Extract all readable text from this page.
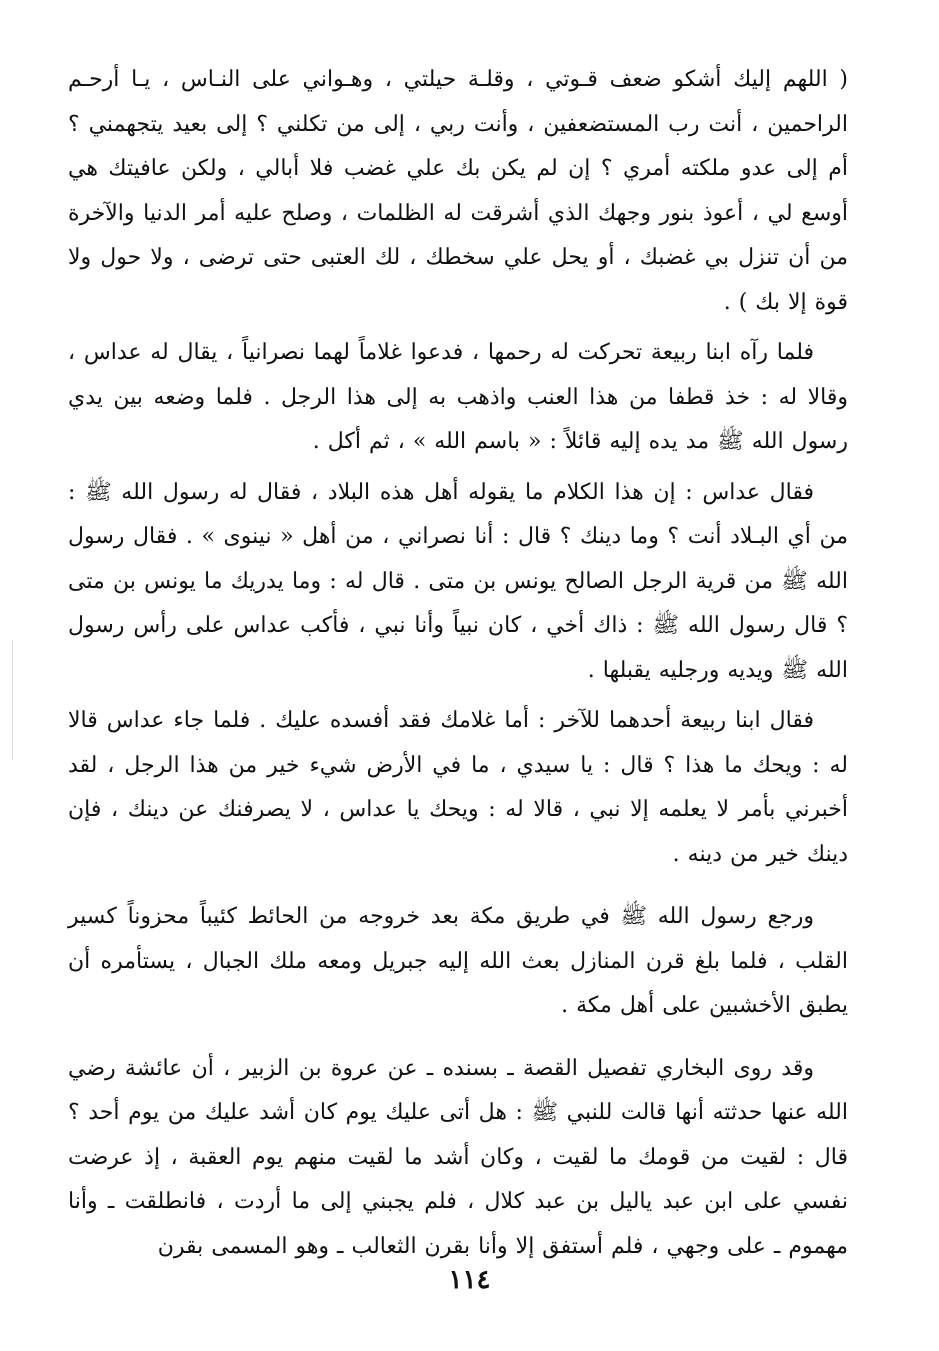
( اللهم إليك أشكو ضعف قـوتي ، وقلـة حيلتي ، وهـواني على النـاس ، يـا أرحـم الراحمين ، أنت رب المستضعفين ، وأنت ربي ، إلى من تكلني ؟ إلى بعيد يتجهمني ؟ أم إلى عدو ملكته أمري ؟ إن لم يكن بك علي غضب فلا أبالي ، ولكن عافيتك هي أوسع لي ، أعوذ بنور وجهك الذي أشرقت له الظلمات ، وصلح عليه أمر الدنيا والآخرة من أن تنزل بي غضبك ، أو يحل علي سخطك ، لك العتبى حتى ترضى ، ولا حول ولا قوة إلا بك ) .

فلما رآه ابنا ربيعة تحركت له رحمها ، فدعوا غلاماً لهما نصرانياً ، يقال له عداس ، وقالا له : خذ قطفا من هذا العنب واذهب به إلى هذا الرجل . فلما وضعه بين يدي رسول الله ﷺ مد يده إليه قائلاً : « باسم الله » ، ثم أكل .

فقال عداس : إن هذا الكلام ما يقوله أهل هذه البلاد ، فقال له رسول الله ﷺ : من أي البـلاد أنت ؟ وما دينك ؟ قال : أنا نصراني ، من أهل « نينوى » . فقال رسول الله ﷺ من قرية الرجل الصالح يونس بن متى . قال له : وما يدريك ما يونس بن متى ؟ قال رسول الله ﷺ : ذاك أخي ، كان نبياً وأنا نبي ، فأكب عداس على رأس رسول الله ﷺ ويديه ورجليه يقبلها .

فقال ابنا ربيعة أحدهما للآخر : أما غلامك فقد أفسده عليك . فلما جاء عداس قالا له : ويحك ما هذا ؟ قال : يا سيدي ، ما في الأرض شيء خير من هذا الرجل ، لقد أخبرني بأمر لا يعلمه إلا نبي ، قالا له : ويحك يا عداس ، لا يصرفنك عن دينك ، فإن دينك خير من دينه .

ورجع رسول الله ﷺ في طريق مكة بعد خروجه من الحائط كئيباً محزوناً كسير القلب ، فلما بلغ قرن المنازل بعث الله إليه جبريل ومعه ملك الجبال ، يستأمره أن يطبق الأخشبين على أهل مكة .

وقد روى البخاري تفصيل القصة ـ بسنده ـ عن عروة بن الزبير ، أن عائشة رضي الله عنها حدثته أنها قالت للنبي ﷺ : هل أتى عليك يوم كان أشد عليك من يوم أحد ؟ قال : لقيت من قومك ما لقيت ، وكان أشد ما لقيت منهم يوم العقبة ، إذ عرضت نفسي على ابن عبد ياليل بن عبد كلال ، فلم يجبني إلى ما أردت ، فانطلقت ـ وأنا مهموم ـ على وجهي ، فلم أستفق إلا وأنا بقرن الثعالب ـ وهو المسمى بقرن

١١٤
